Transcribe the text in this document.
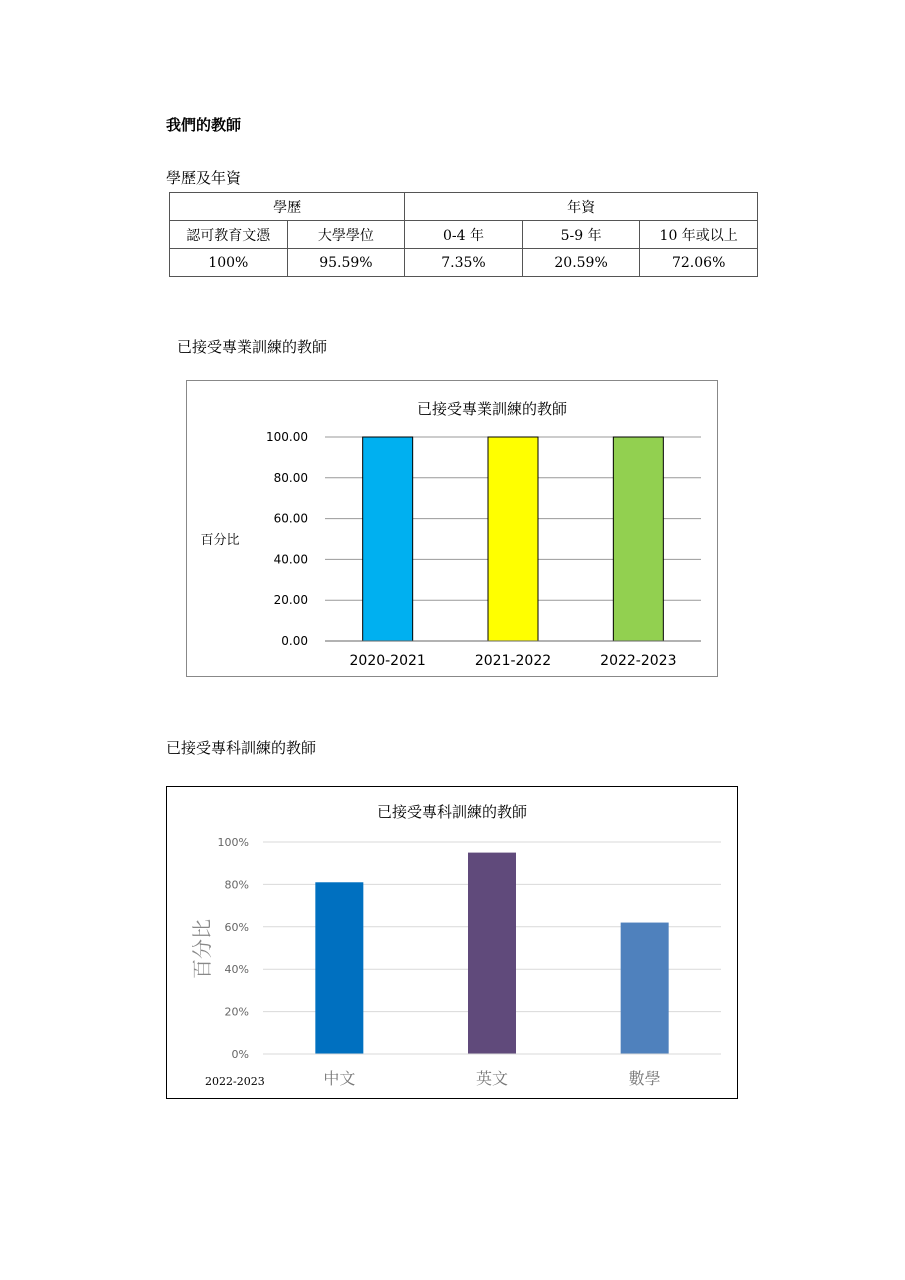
我們的教師
學歷及年資
學歷		年資		
認可教育文憑	大學學位	0-4 年	5-9 年	10 年或以上
100%	95.59%	7.35%	20.59%	72.06%
已接受專業訓練的教師
已接受專業訓練的教師
0.00
20.00
40.00
60.00
80.00
100.00
百分比
2020-2021	2021-2022	2022-2023
已接受專科訓練的教師
已接受專科訓練的教師
0%
20%
40%
60%
80%
100%
百分比
中文	英文	數學
2022-2023
